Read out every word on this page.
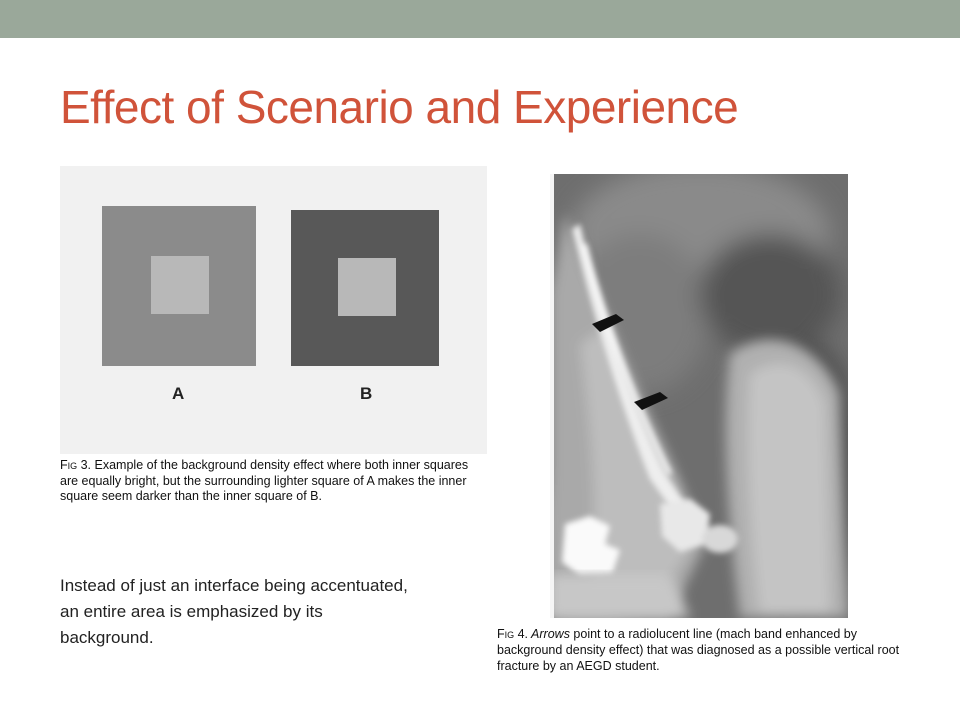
Effect of Scenario and Experience
A	B
Fig 3. Example of the background density effect where both inner squares are equally bright, but the surrounding lighter square of A makes the inner square seem darker than the inner square of B.
Instead of just an interface being accentuated, an entire area is emphasized by its background.	Fig 4. Arrows point to a radiolucent line (mach band enhanced by background density effect) that was diagnosed as a possible vertical root fracture by an AEGD student.
